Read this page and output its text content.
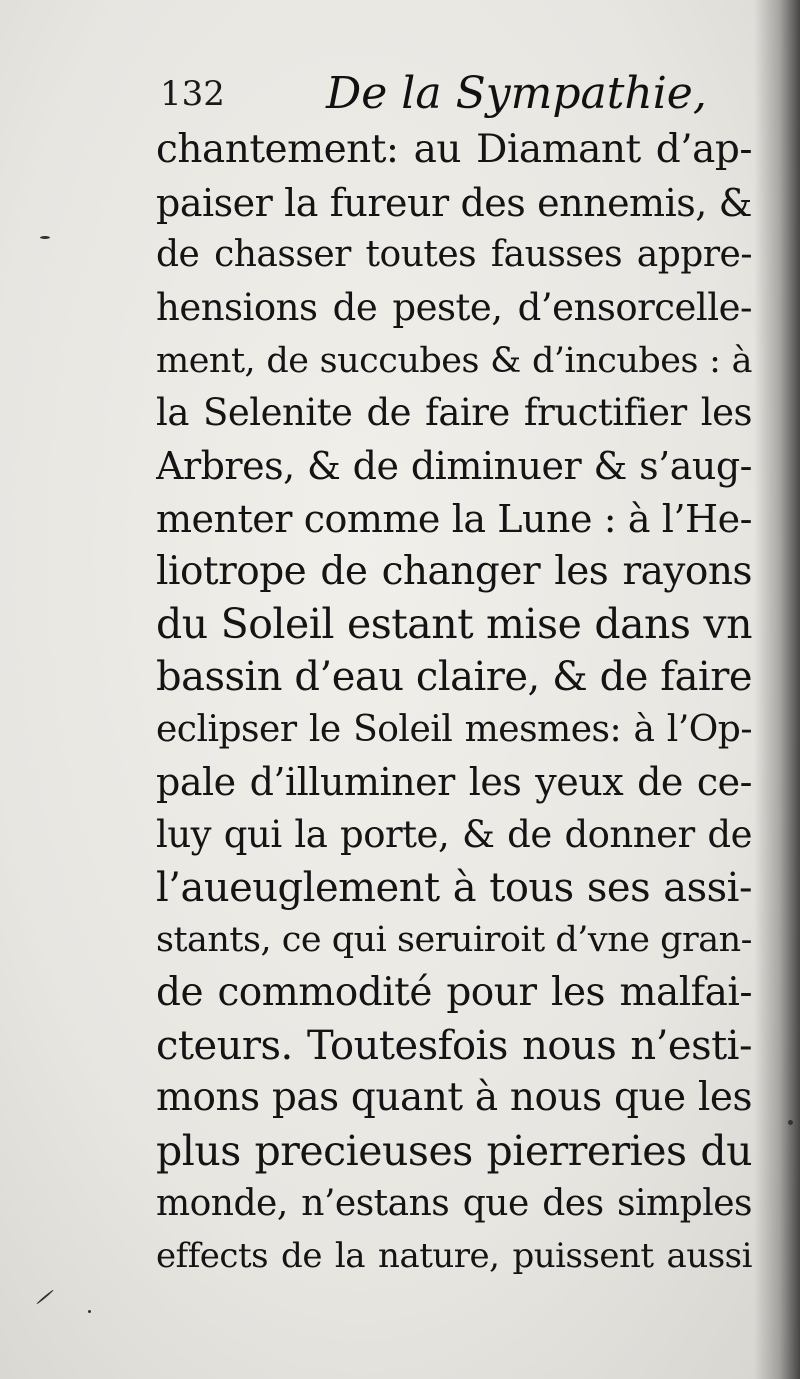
132 De la Sympathie,
chantement: au Diamant d’ap-
paiser la fureur des ennemis, &
de chasser toutes fausses appre-
hensions de peste, d’ensorcelle-
ment, de succubes & d’incubes : à
la Selenite de faire fructifier les
Arbres, & de diminuer & s’aug-
menter comme la Lune : à l’He-
liotrope de changer les rayons
du Soleil estant mise dans vn
bassin d’eau claire, & de faire
eclipser le Soleil mesmes: à l’Op-
pale d’illuminer les yeux de ce-
luy qui la porte, & de donner de
l’aueuglement à tous ses assi-
stants, ce qui seruiroit d’vne gran-
de commodité pour les malfai-
cteurs. Toutesfois nous n’esti-
mons pas quant à nous que les
plus precieuses pierreries du
monde, n’estans que des simples
effects de la nature, puissent aussi
